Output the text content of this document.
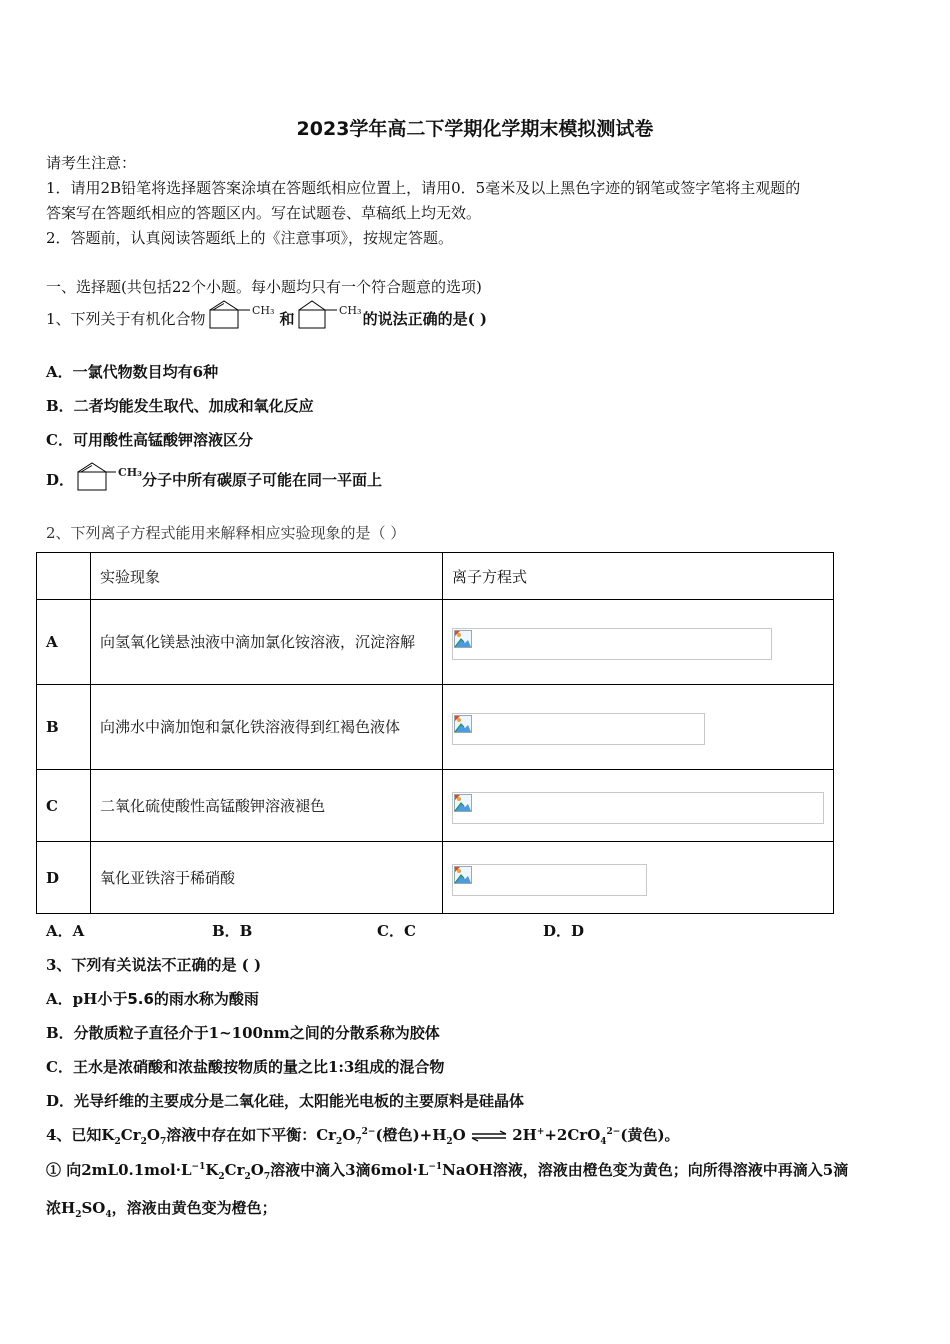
2023学年高二下学期化学期末模拟测试卷
请考生注意：
1．请用2B铅笔将选择题答案涂填在答题纸相应位置上，请用0．5毫米及以上黑色字迹的钢笔或签字笔将主观题的
答案写在答题纸相应的答题区内。写在试题卷、草稿纸上均无效。
2．答题前，认真阅读答题纸上的《注意事项》，按规定答题。
一、选择题(共包括22个小题。每小题均只有一个符合题意的选项)
1、下列关于有机化合物	CH₃ 和	CH₃ 的说法正确的是( )
A．一氯代物数目均有6种
B．二者均能发生取代、加成和氧化反应
C．可用酸性高锰酸钾溶液区分
D．	CH₃ 分子中所有碳原子可能在同一平面上
2、下列离子方程式能用来解释相应实验现象的是（ ）
	实验现象	离子方程式
A	向氢氧化镁悬浊液中滴加氯化铵溶液，沉淀溶解

B	向沸水中滴加饱和氯化铁溶液得到红褐色液体

C	二氧化硫使酸性高锰酸钾溶液褪色	

D	氧化亚铁溶于稀硝酸	
A．A	B．B	C．C	D．D
3、下列有关说法不正确的是 ( )
A．pH小于5.6的雨水称为酸雨
B．分散质粒子直径介于1~100nm之间的分散系称为胶体
C．王水是浓硝酸和浓盐酸按物质的量之比1:3组成的混合物
D．光导纤维的主要成分是二氧化硅，太阳能光电板的主要原料是硅晶体
4、已知$K_2Cr_2O_7$溶液中存在如下平衡：$Cr_2O_7^{2-}$(橙色)$+H_2O$ ⇌ 2H++2CrO$_4^{2-}$(黄色)。
① 向$2mL0.1mol\cdot L^{-1}K_2Cr_2O_7$溶液中滴入3滴$6mol\cdot L^{-1}NaOH$溶液，溶液由橙色变为黄色；向所得溶液中再滴入5滴
浓$H_2SO_4$，溶液由黄色变为橙色；
